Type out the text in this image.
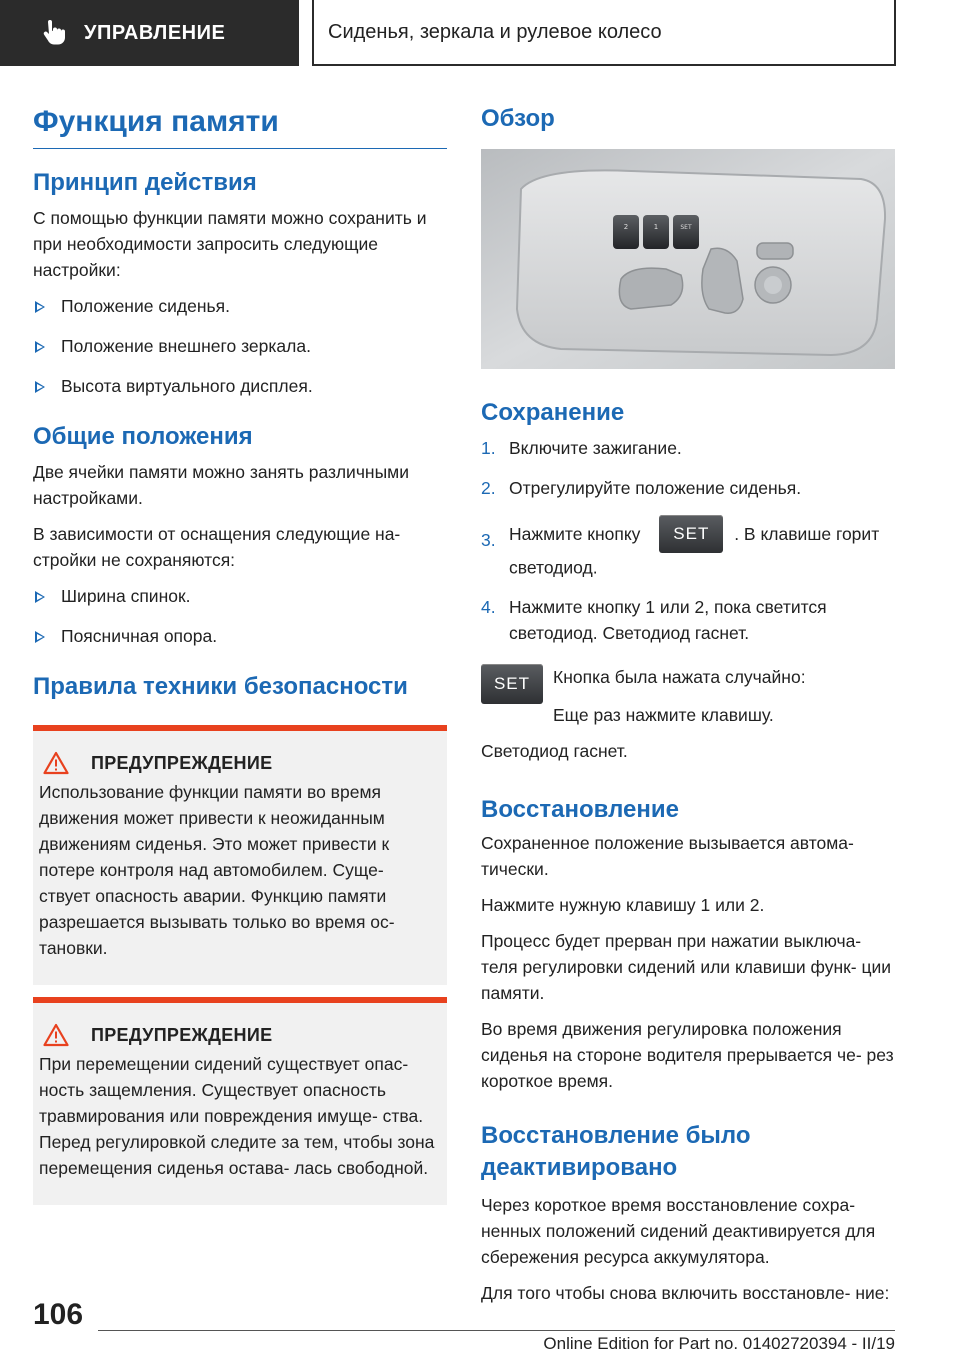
УПРАВЛЕНИЕ	Сиденья, зеркала и рулевое колесо
Функция памяти
Принцип действия

С помощью функции памяти можно сохранить и при необходимости запросить следующие настройки:

Положение сиденья.
Положение внешнего зеркала.
Высота виртуального дисплея.
Общие положения

Две ячейки памяти можно занять различными настройками.

В зависимости от оснащения следующие на- стройки не сохраняются:

Ширина спинок.
Поясничная опора.
Правила техники безопасности
ПРЕДУПРЕЖДЕНИЕ

Использование функции памяти во время движения может привести к неожиданным движениям сиденья. Это может привести к потере контроля над автомобилем. Суще- ствует опасность аварии. Функцию памяти разрешается вызывать только во время ос- тановки.

ПРЕДУПРЕЖДЕНИЕ

При перемещении сидений существует опас- ность защемления. Существует опасность травмирования или повреждения имуще- ства. Перед регулировкой следите за тем, чтобы зона перемещения сиденья остава- лась свободной.

Обзор
2	1	SET
Сохранение
1. Включите зажигание.
2. Отрегулируйте положение сиденья.
3. Нажмите кнопку SET . В клавише горит светодиод.
4. Нажмите кнопку 1 или 2, пока светится светодиод. Светодиод гаснет.
SET	Кнопка была нажата случайно:

Еще раз нажмите клавишу.

Светодиод гаснет.

Восстановление

Сохраненное положение вызывается автома- тически.

Нажмите нужную клавишу 1 или 2.

Процесс будет прерван при нажатии выключа- теля регулировки сидений или клавиши функ- ции памяти.

Во время движения регулировка положения сиденья на стороне водителя прерывается че- рез короткое время.

Восстановление было деактивировано

Через короткое время восстановление сохра- ненных положений сидений деактивируется для сбережения ресурса аккумулятора.

Для того чтобы снова включить восстановле- ние:

106
Online Edition for Part no. 01402720394 - II/19
